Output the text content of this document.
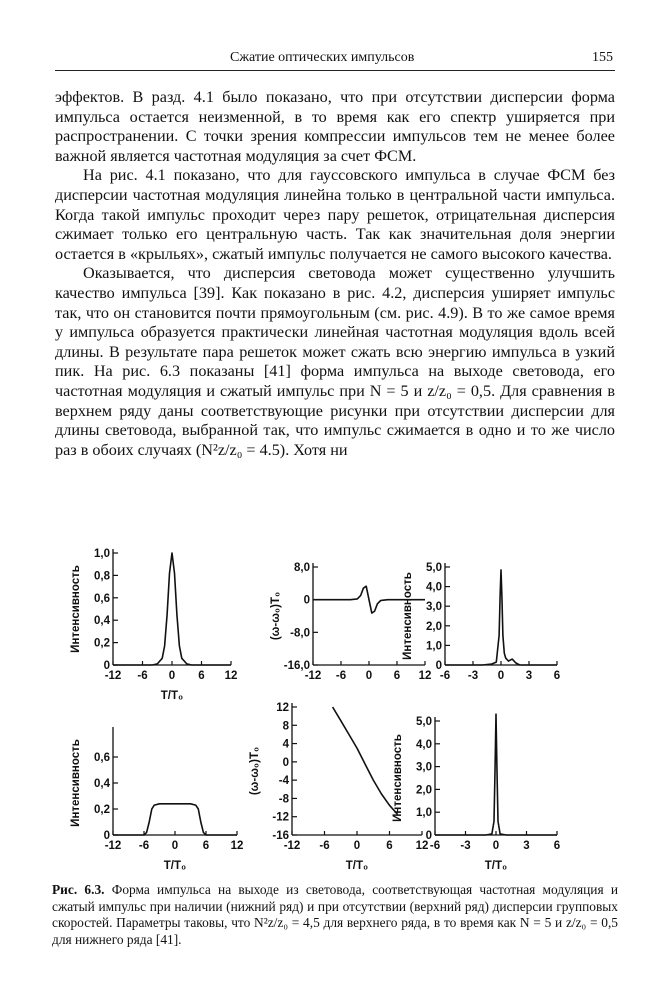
Сжатие оптических импульсов	155

эффектов. В разд. 4.1 было показано, что при отсутствии дисперсии форма импульса остается неизменной, в то время как его спектр уширяется при распространении. С точки зрения компрессии импульсов тем не менее более важной является частотная модуляция за счет ФСМ.

На рис. 4.1 показано, что для гауссовского импульса в случае ФСМ без дисперсии частотная модуляция линейна только в центральной части импульса. Когда такой импульс проходит через пару решеток, отрицательная дисперсия сжимает только его центральную часть. Так как значительная доля энергии остается в «крыльях», сжатый импульс получается не самого высокого качества.

Оказывается, что дисперсия световода может существенно улучшить качество импульса [39]. Как показано в рис. 4.2, дисперсия уширяет импульс так, что он становится почти прямоугольным (см. рис. 4.9). В то же самое время у импульса образуется практически линейная частотная модуляция вдоль всей длины. В результате пара решеток может сжать всю энергию импульса в узкий пик. На рис. 6.3 показаны [41] форма импульса на выходе световода, его частотная модуляция и сжатый импульс при N = 5 и z/z₀ = 0,5. Для сравнения в верхнем ряду даны соответствующие рисунки при отсутствии дисперсии для длины световода, выбранной так, что импульс сжимается в одно и то же число раз в обоих случаях (N²z/z₀ = 4.5). Хотя ни

0
0,2
0,4
0,6
0,8
1,0
-12 -6 0 6 12
T/T₀
Интенсивность
-16,0
-8,0
0
8,0
-12 -6 0 6 12
(ω-ω₀)T₀
0
1,0
2,0
3,0
4,0
5,0
-6 -3 0 3 6
Интенсивность
0
0,2
0,4
0,6
-12 -6 0 6 12
T/T₀
Интенсивность
-16
-12
-8
-4
0
4
8
12
-12 -6 0 6 12
T/T₀
(ω-ω₀)T₀
0
1,0
2,0
3,0
4,0
5,0
-6 -3 0 3 6
T/T₀
Интенсивность
Рис. 6.3. Форма импульса на выходе из световода, соответствующая частотная модуляция и сжатый импульс при наличии (нижний ряд) и при отсутствии (верхний ряд) дисперсии групповых скоростей. Параметры таковы, что N²z/z₀ = 4,5 для верхнего ряда, в то время как N = 5 и z/z₀ = 0,5 для нижнего ряда [41].
